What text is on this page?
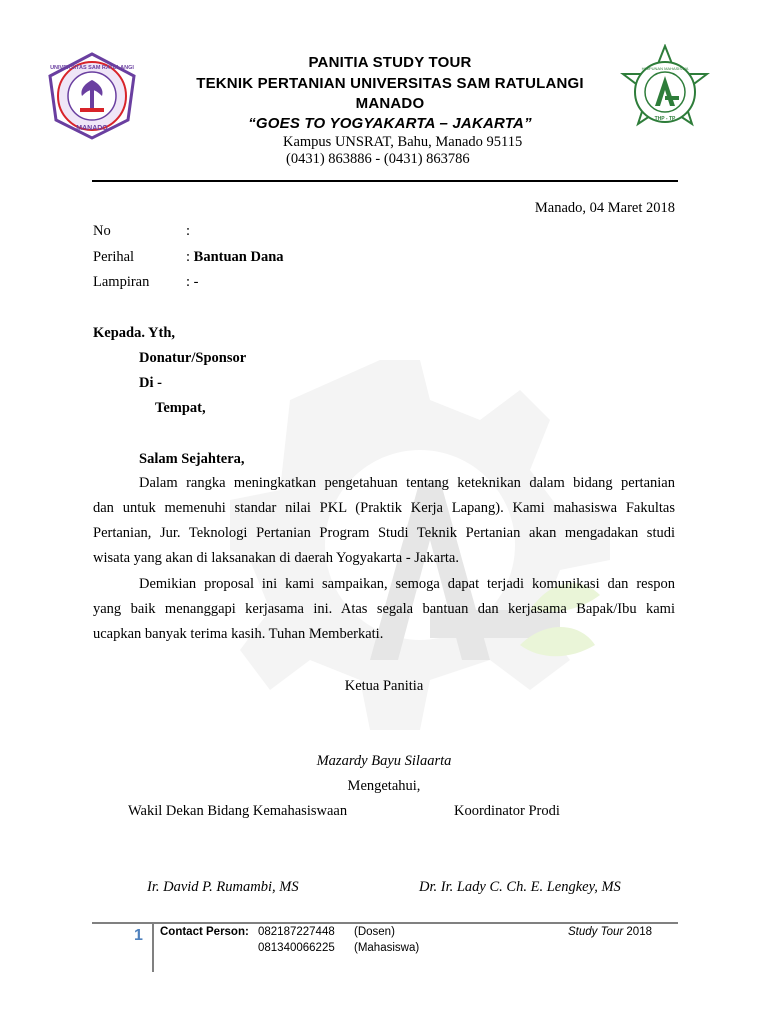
UNIVERSITAS SAM RATULANGI
MANADO
HIMPUNAN MAHASISWA
THP - TP
PANITIA STUDY TOUR
TEKNIK PERTANIAN UNIVERSITAS SAM RATULANGI
MANADO
“GOES TO YOGYAKARTA – JAKARTA”
Kampus UNSRAT, Bahu, Manado 95115
(0431) 863886 - (0431) 863786
Manado, 04 Maret 2018
No	:
Perihal	: Bantuan Dana
Lampiran	: -
Kepada. Yth,
Donatur/Sponsor
Di -
Tempat,
Salam Sejahtera,
Dalam rangka meningkatkan pengetahuan tentang keteknikan dalam bidang pertanian
dan untuk memenuhi standar nilai PKL (Praktik Kerja Lapang). Kami mahasiswa Fakultas
Pertanian, Jur. Teknologi Pertanian Program Studi Teknik Pertanian akan mengadakan studi
wisata yang akan di laksanakan di daerah Yogyakarta - Jakarta.
Demikian proposal ini kami sampaikan, semoga dapat terjadi komunikasi dan respon
yang baik menanggapi kerjasama ini. Atas segala bantuan dan kerjasama Bapak/Ibu kami
ucapkan banyak terima kasih. Tuhan Memberkati.
Ketua Panitia
Mazardy Bayu Silaarta
Mengetahui,
Wakil Dekan Bidang Kemahasiswaan	Koordinator Prodi
Ir. David P. Rumambi, MS	Dr. Ir. Lady C. Ch. E. Lengkey, MS
1 Contact Person: 082187227448 (Dosen)
081340066225 (Mahasiswa)
Study Tour 2018
